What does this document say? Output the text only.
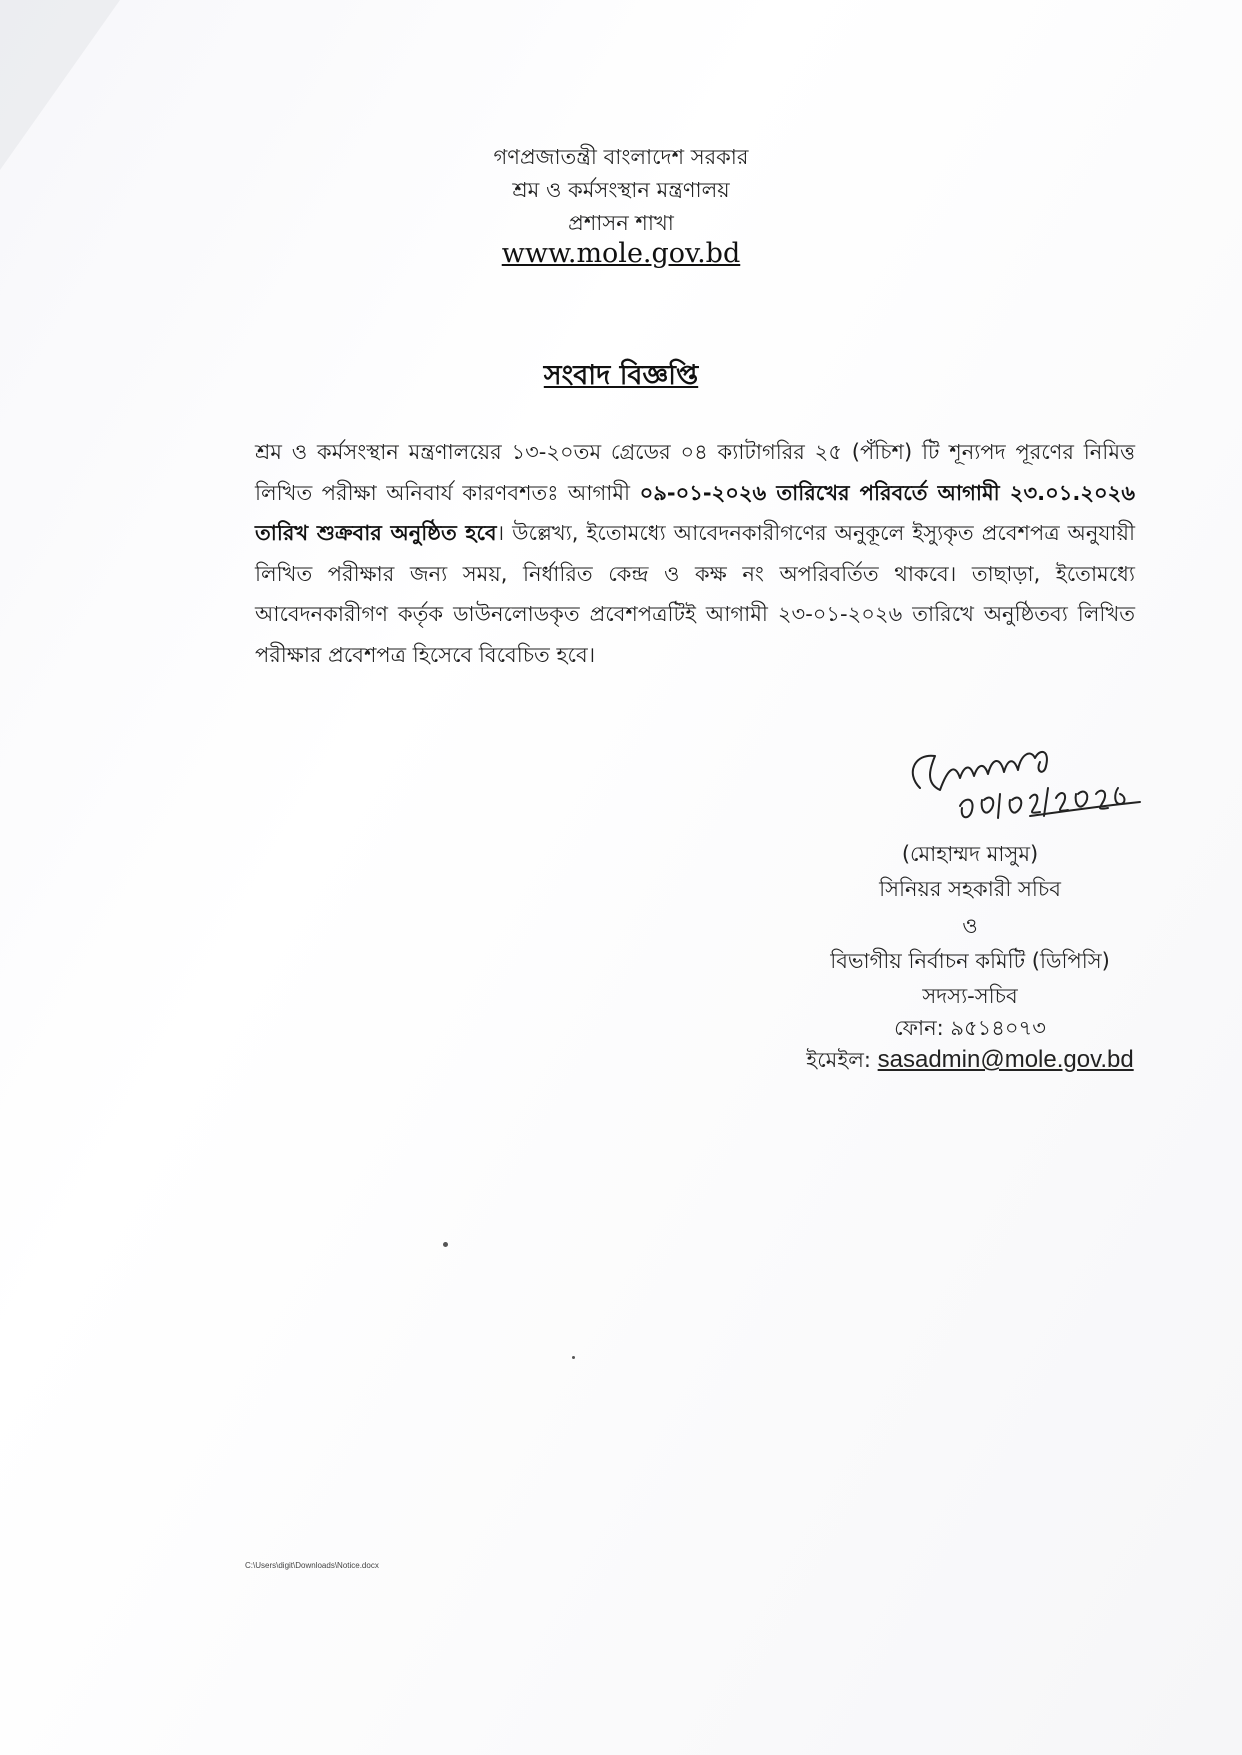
গণপ্রজাতন্ত্রী বাংলাদেশ সরকার
শ্রম ও কর্মসংস্থান মন্ত্রণালয়
প্রশাসন শাখা
www.mole.gov.bd
সংবাদ বিজ্ঞপ্তি
শ্রম ও কর্মসংস্থান মন্ত্রণালয়ের ১৩-২০তম গ্রেডের ০৪ ক্যাটাগরির ২৫ (পঁচিশ) টি শূন্যপদ পূরণের নিমিত্ত লিখিত পরীক্ষা অনিবার্য কারণবশতঃ আগামী ০৯-০১-২০২৬ তারিখের পরিবর্তে আগামী ২৩.০১.২০২৬ তারিখ শুক্রবার অনুষ্ঠিত হবে। উল্লেখ্য, ইতোমধ্যে আবেদনকারীগণের অনুকূলে ইস্যুকৃত প্রবেশপত্র অনুযায়ী লিখিত পরীক্ষার জন্য সময়, নির্ধারিত কেন্দ্র ও কক্ষ নং অপরিবর্তিত থাকবে। তাছাড়া, ইতোমধ্যে আবেদনকারীগণ কর্তৃক ডাউনলোডকৃত প্রবেশপত্রটিই আগামী ২৩-০১-২০২৬ তারিখে অনুষ্ঠিতব্য লিখিত পরীক্ষার প্রবেশপত্র হিসেবে বিবেচিত হবে।
(মোহাম্মদ মাসুম)
সিনিয়র সহকারী সচিব
ও
বিভাগীয় নির্বাচন কমিটি (ডিপিসি)
সদস্য-সচিব
ফোন: ৯৫১৪০৭৩
ইমেইল: sasadmin@mole.gov.bd
C:\Users\digit\Downloads\Notice.docx
